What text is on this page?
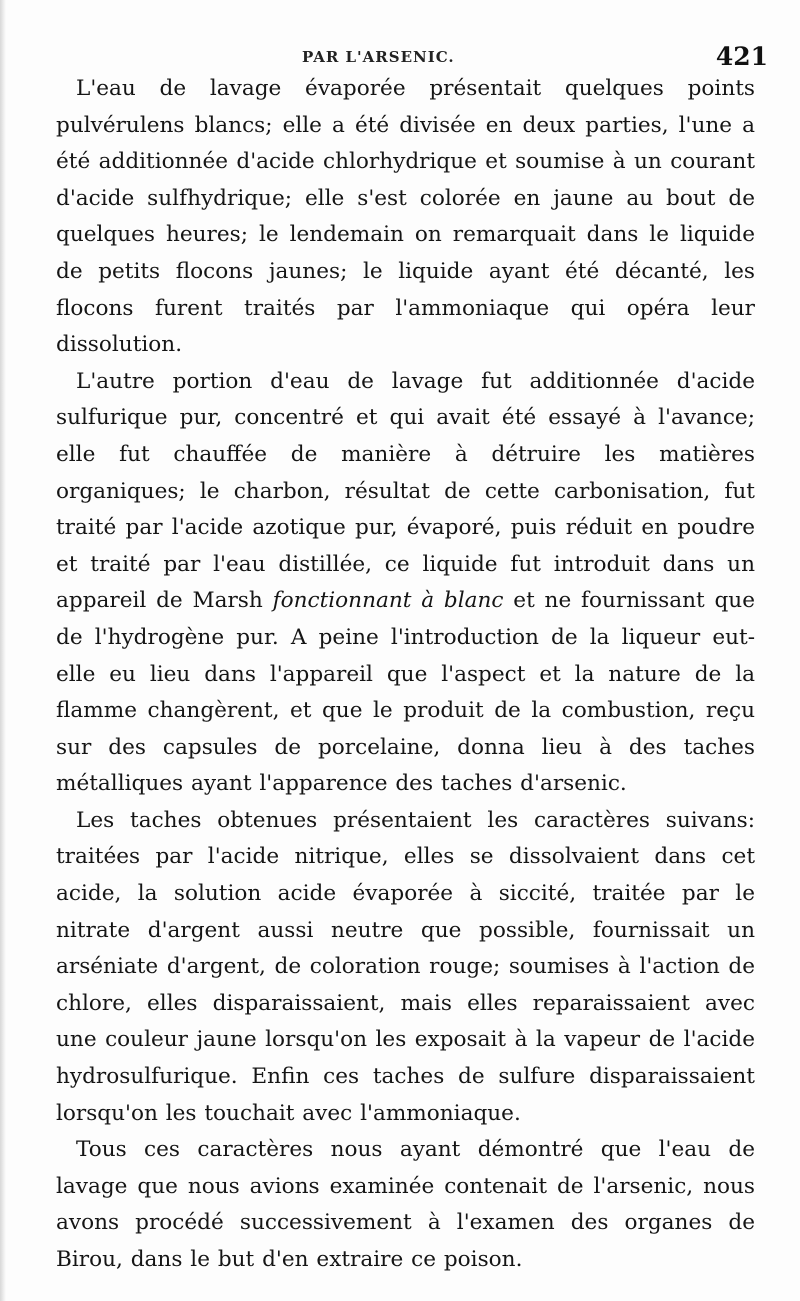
PAR L'ARSENIC.	421

L'eau de lavage évaporée présentait quelques points pulvérulens blancs; elle a été divisée en deux parties, l'une a été additionnée d'acide chlorhydrique et soumise à un courant d'acide sulfhydrique; elle s'est colorée en jaune au bout de quelques heures; le lendemain on remarquait dans le liquide de petits flocons jaunes; le liquide ayant été décanté, les flocons furent traités par l'ammoniaque qui opéra leur dissolution.

L'autre portion d'eau de lavage fut additionnée d'acide sulfurique pur, concentré et qui avait été essayé à l'avance; elle fut chauffée de manière à détruire les matières organiques; le charbon, résultat de cette carbonisation, fut traité par l'acide azotique pur, évaporé, puis réduit en poudre et traité par l'eau distillée, ce liquide fut introduit dans un appareil de Marsh fonctionnant à blanc et ne fournissant que de l'hydrogène pur. A peine l'introduction de la liqueur eut-elle eu lieu dans l'appareil que l'aspect et la nature de la flamme changèrent, et que le produit de la combustion, reçu sur des capsules de porcelaine, donna lieu à des taches métalliques ayant l'apparence des taches d'arsenic.

Les taches obtenues présentaient les caractères suivans: traitées par l'acide nitrique, elles se dissolvaient dans cet acide, la solution acide évaporée à siccité, traitée par le nitrate d'argent aussi neutre que possible, fournissait un arséniate d'argent, de coloration rouge; soumises à l'action de chlore, elles disparaissaient, mais elles reparaissaient avec une couleur jaune lorsqu'on les exposait à la vapeur de l'acide hydrosulfurique. Enfin ces taches de sulfure disparaissaient lorsqu'on les touchait avec l'ammoniaque.

Tous ces caractères nous ayant démontré que l'eau de lavage que nous avions examinée contenait de l'arsenic, nous avons procédé successivement à l'examen des organes de Birou, dans le but d'en extraire ce poison.
